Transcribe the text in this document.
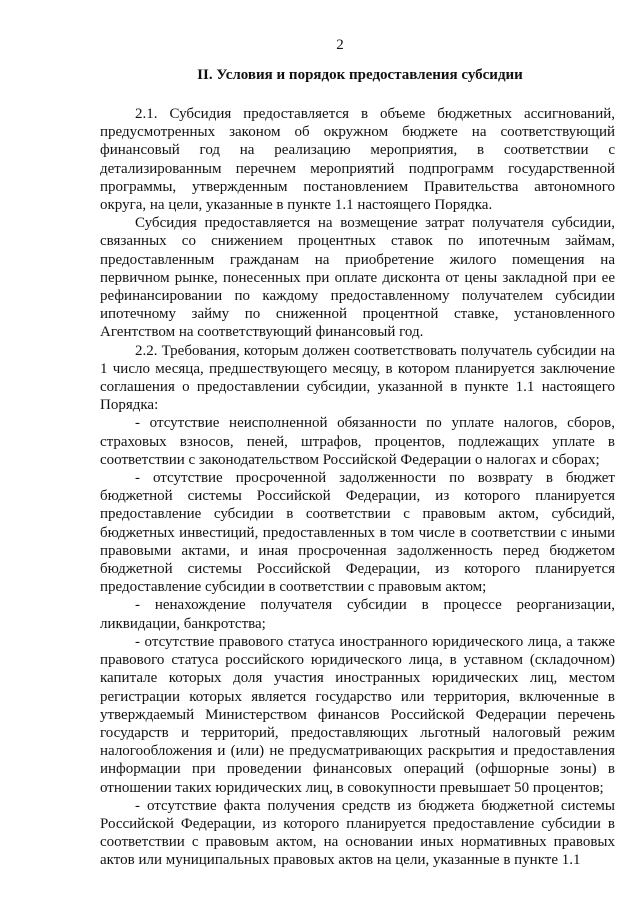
2
II. Условия и порядок предоставления субсидии

2.1. Субсидия предоставляется в объеме бюджетных ассигнований, предусмотренных законом об окружном бюджете на соответствующий финансовый год на реализацию мероприятия, в соответствии с детализированным перечнем мероприятий подпрограмм государственной программы, утвержденным постановлением Правительства автономного округа, на цели, указанные в пункте 1.1 настоящего Порядка.

Субсидия предоставляется на возмещение затрат получателя субсидии, связанных со снижением процентных ставок по ипотечным займам, предоставленным гражданам на приобретение жилого помещения на первичном рынке, понесенных при оплате дисконта от цены закладной при ее рефинансировании по каждому предоставленному получателем субсидии ипотечному займу по сниженной процентной ставке, установленного Агентством на соответствующий финансовый год.

2.2. Требования, которым должен соответствовать получатель субсидии на 1 число месяца, предшествующего месяцу, в котором планируется заключение соглашения о предоставлении субсидии, указанной в пункте 1.1 настоящего Порядка:

- отсутствие неисполненной обязанности по уплате налогов, сборов, страховых взносов, пеней, штрафов, процентов, подлежащих уплате в соответствии с законодательством Российской Федерации о налогах и сборах;

- отсутствие просроченной задолженности по возврату в бюджет бюджетной системы Российской Федерации, из которого планируется предоставление субсидии в соответствии с правовым актом, субсидий, бюджетных инвестиций, предоставленных в том числе в соответствии с иными правовыми актами, и иная просроченная задолженность перед бюджетом бюджетной системы Российской Федерации, из которого планируется предоставление субсидии в соответствии с правовым актом;

- ненахождение получателя субсидии в процессе реорганизации, ликвидации, банкротства;

- отсутствие правового статуса иностранного юридического лица, а также правового статуса российского юридического лица, в уставном (складочном) капитале которых доля участия иностранных юридических лиц, местом регистрации которых является государство или территория, включенные в утверждаемый Министерством финансов Российской Федерации перечень государств и территорий, предоставляющих льготный налоговый режим налогообложения и (или) не предусматривающих раскрытия и предоставления информации при проведении финансовых операций (офшорные зоны) в отношении таких юридических лиц, в совокупности превышает 50 процентов;

- отсутствие факта получения средств из бюджета бюджетной системы Российской Федерации, из которого планируется предоставление субсидии в соответствии с правовым актом, на основании иных нормативных правовых актов или муниципальных правовых актов на цели, указанные в пункте 1.1
